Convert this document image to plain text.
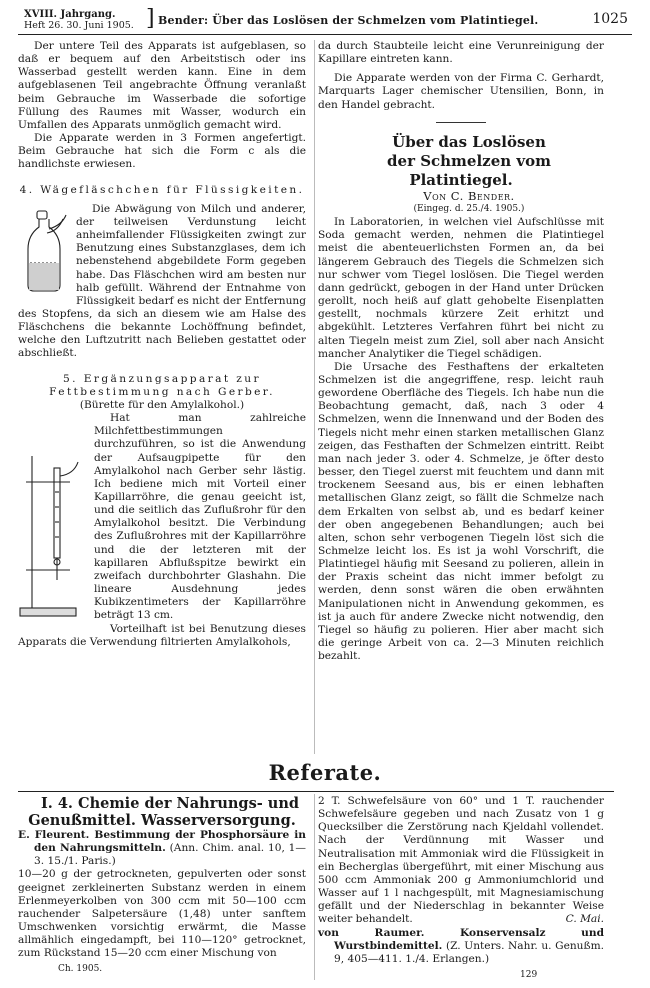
XVIII. Jahrgang.
Heft 26. 30. Juni 1905. ] Bender: Über das Loslösen der Schmelzen vom Platintiegel.	1025

Der untere Teil des Apparats ist aufgeblasen, so daß er bequem auf den Arbeitstisch oder ins Wasserbad gestellt werden kann. Eine in dem aufgeblasenen Teil angebrachte Öffnung veranlaßt beim Gebrauche im Wasserbade die sofortige Füllung des Raumes mit Wasser, wodurch ein Umfallen des Apparats unmöglich gemacht wird.

Die Apparate werden in 3 Formen angefertigt. Beim Gebrauche hat sich die Form c als die handlichste erwiesen.

4. Wägefläschchen für Flüssigkeiten.

Die Abwägung von Milch und anderer, der teilweisen Verdunstung leicht anheimfallender Flüssigkeiten zwingt zur Benutzung eines Substanzglases, dem ich nebenstehend abgebildete Form gegeben habe. Das Fläschchen wird am besten nur halb gefüllt. Während der Entnahme von Flüssigkeit bedarf es nicht der Entfernung des Stopfens, da sich an diesem wie am Halse des Fläschchens die bekannte Lochöffnung befindet, welche den Luftzutritt nach Belieben gestattet oder abschließt.

5. Ergänzungsapparat zur Fettbestimmung nach Gerber.

(Bürette für den Amylalkohol.)

Hat man zahlreiche Milchfettbestimmungen durchzuführen, so ist die Anwendung der Aufsaugpipette für den Amylalkohol nach Gerber sehr lästig. Ich bediene mich mit Vorteil einer Kapillarröhre, die genau geeicht ist, und die seitlich das Zuflußrohr für den Amylalkohol besitzt. Die Verbindung des Zuflußrohres mit der Kapillarröhre und die der letzteren mit der kapillaren Abflußspitze bewirkt ein zweifach durchbohrter Glashahn. Die lineare Ausdehnung jedes Kubikzentimeters der Kapillarröhre beträgt 13 cm.

Vorteilhaft ist bei Benutzung dieses Apparats die Verwendung filtrierten Amylalkohols,

da durch Staubteile leicht eine Verunreinigung der Kapillare eintreten kann.

Die Apparate werden von der Firma C. Gerhardt, Marquarts Lager chemischer Utensilien, Bonn, in den Handel gebracht.

Über das Loslösen

der Schmelzen vom Platintiegel.

Von C. Bender.

(Eingeg. d. 25./4. 1905.)

In Laboratorien, in welchen viel Aufschlüsse mit Soda gemacht werden, nehmen die Platintiegel meist die abenteuerlichsten Formen an, da bei längerem Gebrauch des Tiegels die Schmelzen sich nur schwer vom Tiegel loslösen. Die Tiegel werden dann gedrückt, gebogen in der Hand unter Drücken gerollt, noch heiß auf glatt gehobelte Eisenplatten gestellt, nochmals kürzere Zeit erhitzt und abgekühlt. Letzteres Verfahren führt bei nicht zu alten Tiegeln meist zum Ziel, soll aber nach Ansicht mancher Analytiker die Tiegel schädigen.

Die Ursache des Festhaftens der erkalteten Schmelzen ist die angegriffene, resp. leicht rauh gewordene Oberfläche des Tiegels. Ich habe nun die Beobachtung gemacht, daß, nach 3 oder 4 Schmelzen, wenn die Innenwand und der Boden des Tiegels nicht mehr einen starken metallischen Glanz zeigen, das Festhaften der Schmelzen eintritt. Reibt man nach jeder 3. oder 4. Schmelze, je öfter desto besser, den Tiegel zuerst mit feuchtem und dann mit trockenem Seesand aus, bis er einen lebhaften metallischen Glanz zeigt, so fällt die Schmelze nach dem Erkalten von selbst ab, und es bedarf keiner der oben angegebenen Behandlungen; auch bei alten, schon sehr verbogenen Tiegeln löst sich die Schmelze leicht los. Es ist ja wohl Vorschrift, die Platintiegel häufig mit Seesand zu polieren, allein in der Praxis scheint das nicht immer befolgt zu werden, denn sonst wären die oben erwähnten Manipulationen nicht in Anwendung gekommen, es ist ja auch für andere Zwecke nicht notwendig, den Tiegel so häufig zu polieren. Hier aber macht sich die geringe Arbeit von ca. 2—3 Minuten reichlich bezahlt.

Referate.

I. 4. Chemie der Nahrungs- und Genußmittel. Wasserversorgung.

E. Fleurent. Bestimmung der Phosphorsäure in den Nahrungsmitteln. (Ann. Chim. anal. 10, 1—3. 15./1. Paris.)

10—20 g der getrockneten, gepulverten oder sonst geeignet zerkleinerten Substanz werden in einem Erlenmeyerkolben von 300 ccm mit 50—100 ccm rauchender Salpetersäure (1,48) unter sanftem Umschwenken vorsichtig erwärmt, die Masse allmählich eingedampft, bei 110—120° getrocknet, zum Rückstand 15—20 ccm einer Mischung von

2 T. Schwefelsäure von 60° und 1 T. rauchender Schwefelsäure gegeben und nach Zusatz von 1 g Quecksilber die Zerstörung nach Kjeldahl vollendet. Nach der Verdünnung mit Wasser und Neutralisation mit Ammoniak wird die Flüssigkeit in ein Becherglas übergeführt, mit einer Mischung aus 500 ccm Ammoniak 200 g Ammoniumchlorid und Wasser auf 1 l nachgespült, mit Magnesiamischung gefällt und der Niederschlag in bekannter Weise weiter behandelt.	C. Mai.

von Raumer. Konservensalz und Wurstbindemittel. (Z. Unters. Nahr. u. Genußm. 9, 405—411. 1./4. Erlangen.)

Ch. 1905.
129
